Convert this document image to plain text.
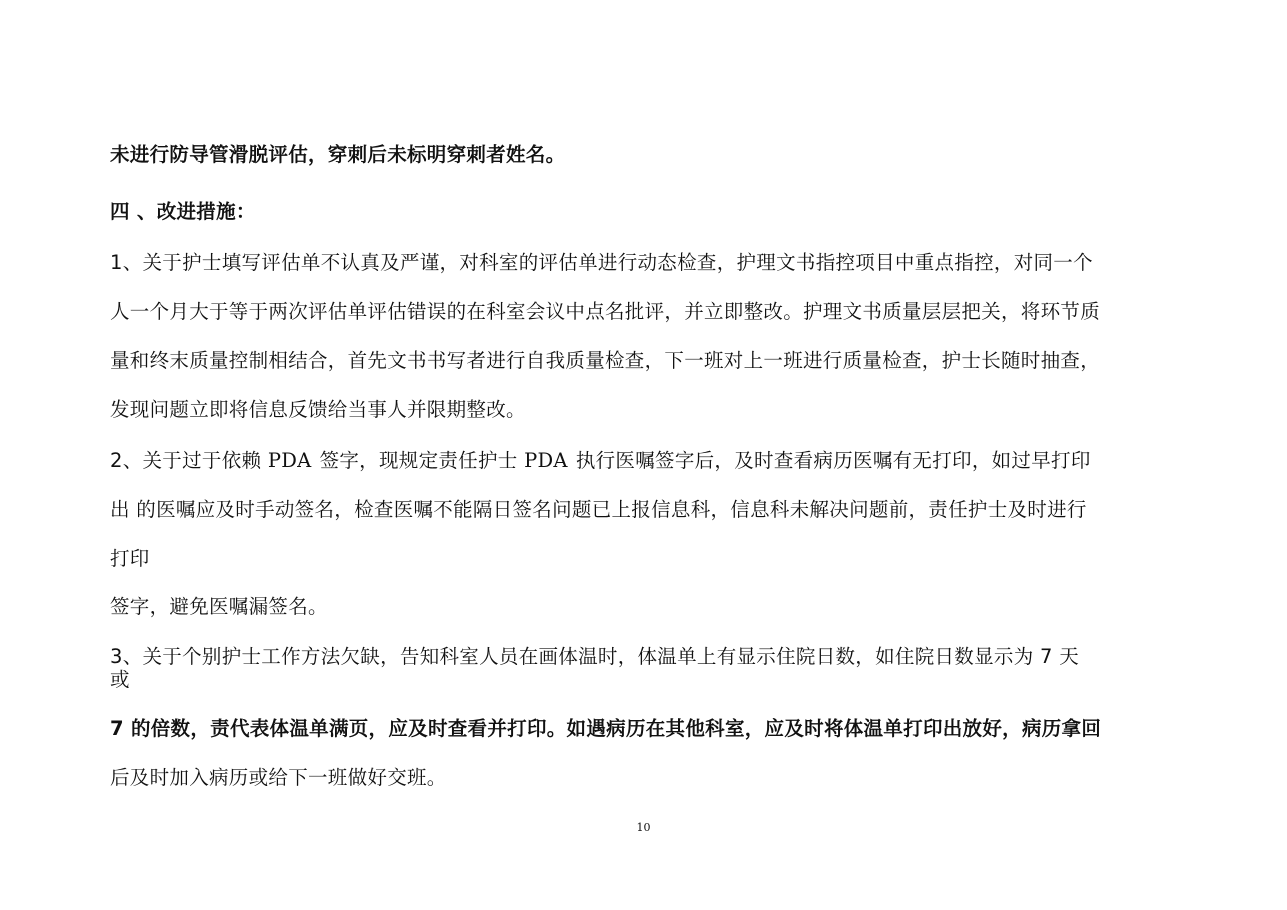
未进行防导管滑脱评估，穿刺后未标明穿刺者姓名。
四 、改进措施：
1、关于护士填写评估单不认真及严谨，对科室的评估单进行动态检查，护理文书指控项目中重点指控，对同一个
人一个月大于等于两次评估单评估错误的在科室会议中点名批评，并立即整改。护理文书质量层层把关，将环节质
量和终末质量控制相结合，首先文书书写者进行自我质量检查，下一班对上一班进行质量检查，护士长随时抽查，
发现问题立即将信息反馈给当事人并限期整改。
2、关于过于依赖 PDA 签字，现规定责任护士 PDA 执行医嘱签字后，及时查看病历医嘱有无打印，如过早打印
出 的医嘱应及时手动签名，检查医嘱不能隔日签名问题已上报信息科，信息科未解决问题前，责任护士及时进行
打印
签字，避免医嘱漏签名。
3、关于个别护士工作方法欠缺，告知科室人员在画体温时，体温单上有显示住院日数，如住院日数显示为 7 天
或
7 的倍数，责代表体温单满页，应及时查看并打印。如遇病历在其他科室，应及时将体温单打印出放好，病历拿回
后及时加入病历或给下一班做好交班。
10
